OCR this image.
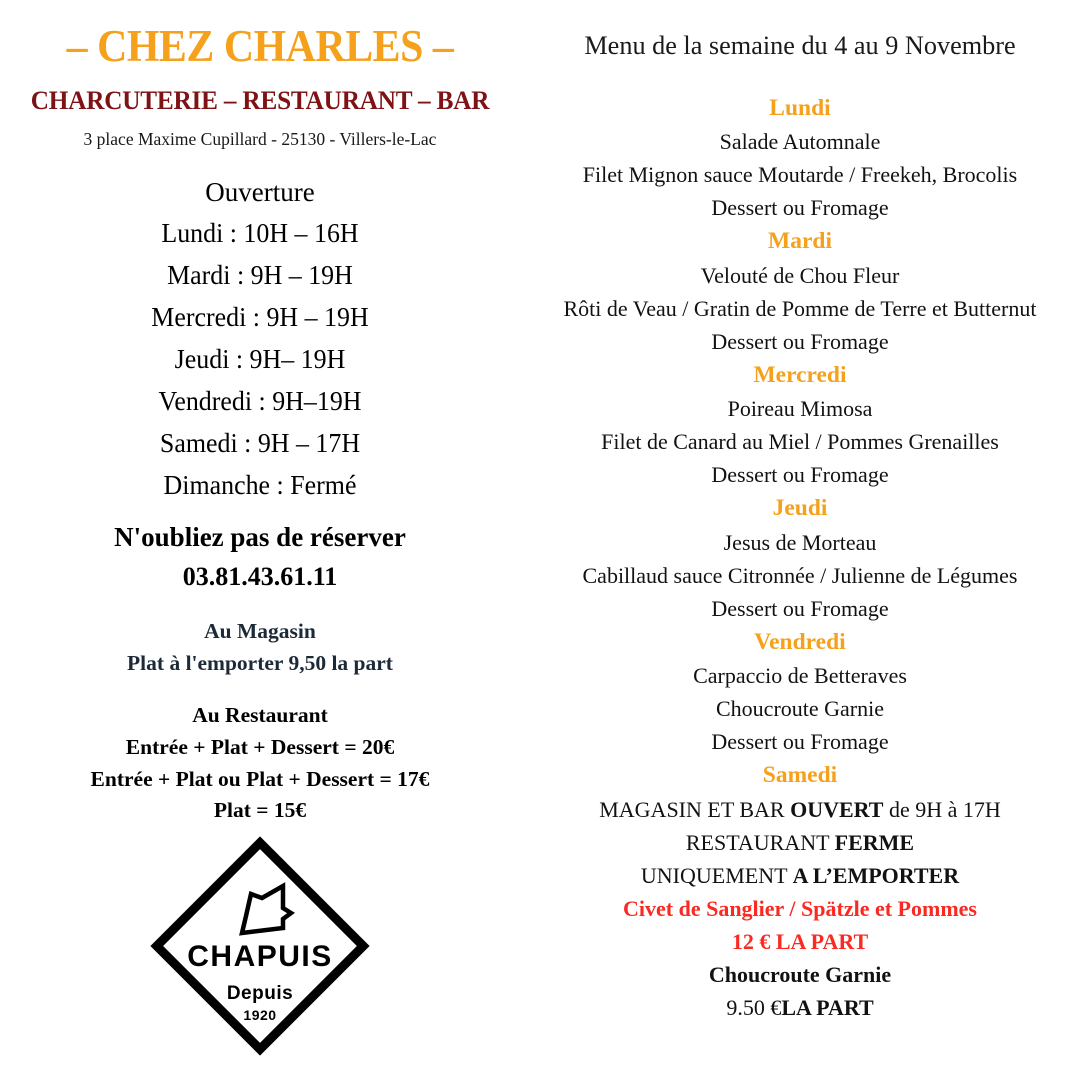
– CHEZ CHARLES –
CHARCUTERIE – RESTAURANT – BAR
3 place Maxime Cupillard - 25130 - Villers-le-Lac
Ouverture
Lundi : 10H – 16H
Mardi : 9H – 19H
Mercredi : 9H – 19H
Jeudi : 9H– 19H
Vendredi : 9H–19H
Samedi : 9H – 17H
Dimanche : Fermé
N'oubliez pas de réserver
03.81.43.61.11
Au Magasin
Plat à l'emporter 9,50 la part
Au Restaurant
Entrée + Plat + Dessert = 20€
Entrée + Plat ou Plat + Dessert = 17€
Plat = 15€
CHAPUIS
Depuis
1920
Menu de la semaine du 4 au 9 Novembre
Lundi
Salade Automnale
Filet Mignon sauce Moutarde / Freekeh, Brocolis
Dessert ou Fromage
Mardi
Velouté de Chou Fleur
Rôti de Veau / Gratin de Pomme de Terre et Butternut
Dessert ou Fromage
Mercredi
Poireau Mimosa
Filet de Canard au Miel / Pommes Grenailles
Dessert ou Fromage
Jeudi
Jesus de Morteau
Cabillaud sauce Citronnée / Julienne de Légumes
Dessert ou Fromage
Vendredi
Carpaccio de Betteraves
Choucroute Garnie
Dessert ou Fromage
Samedi
MAGASIN ET BAR OUVERT de 9H à 17H
RESTAURANT FERME
UNIQUEMENT A L’EMPORTER
Civet de Sanglier / Spätzle et Pommes
12 € LA PART
Choucroute Garnie
9.50 €LA PART
